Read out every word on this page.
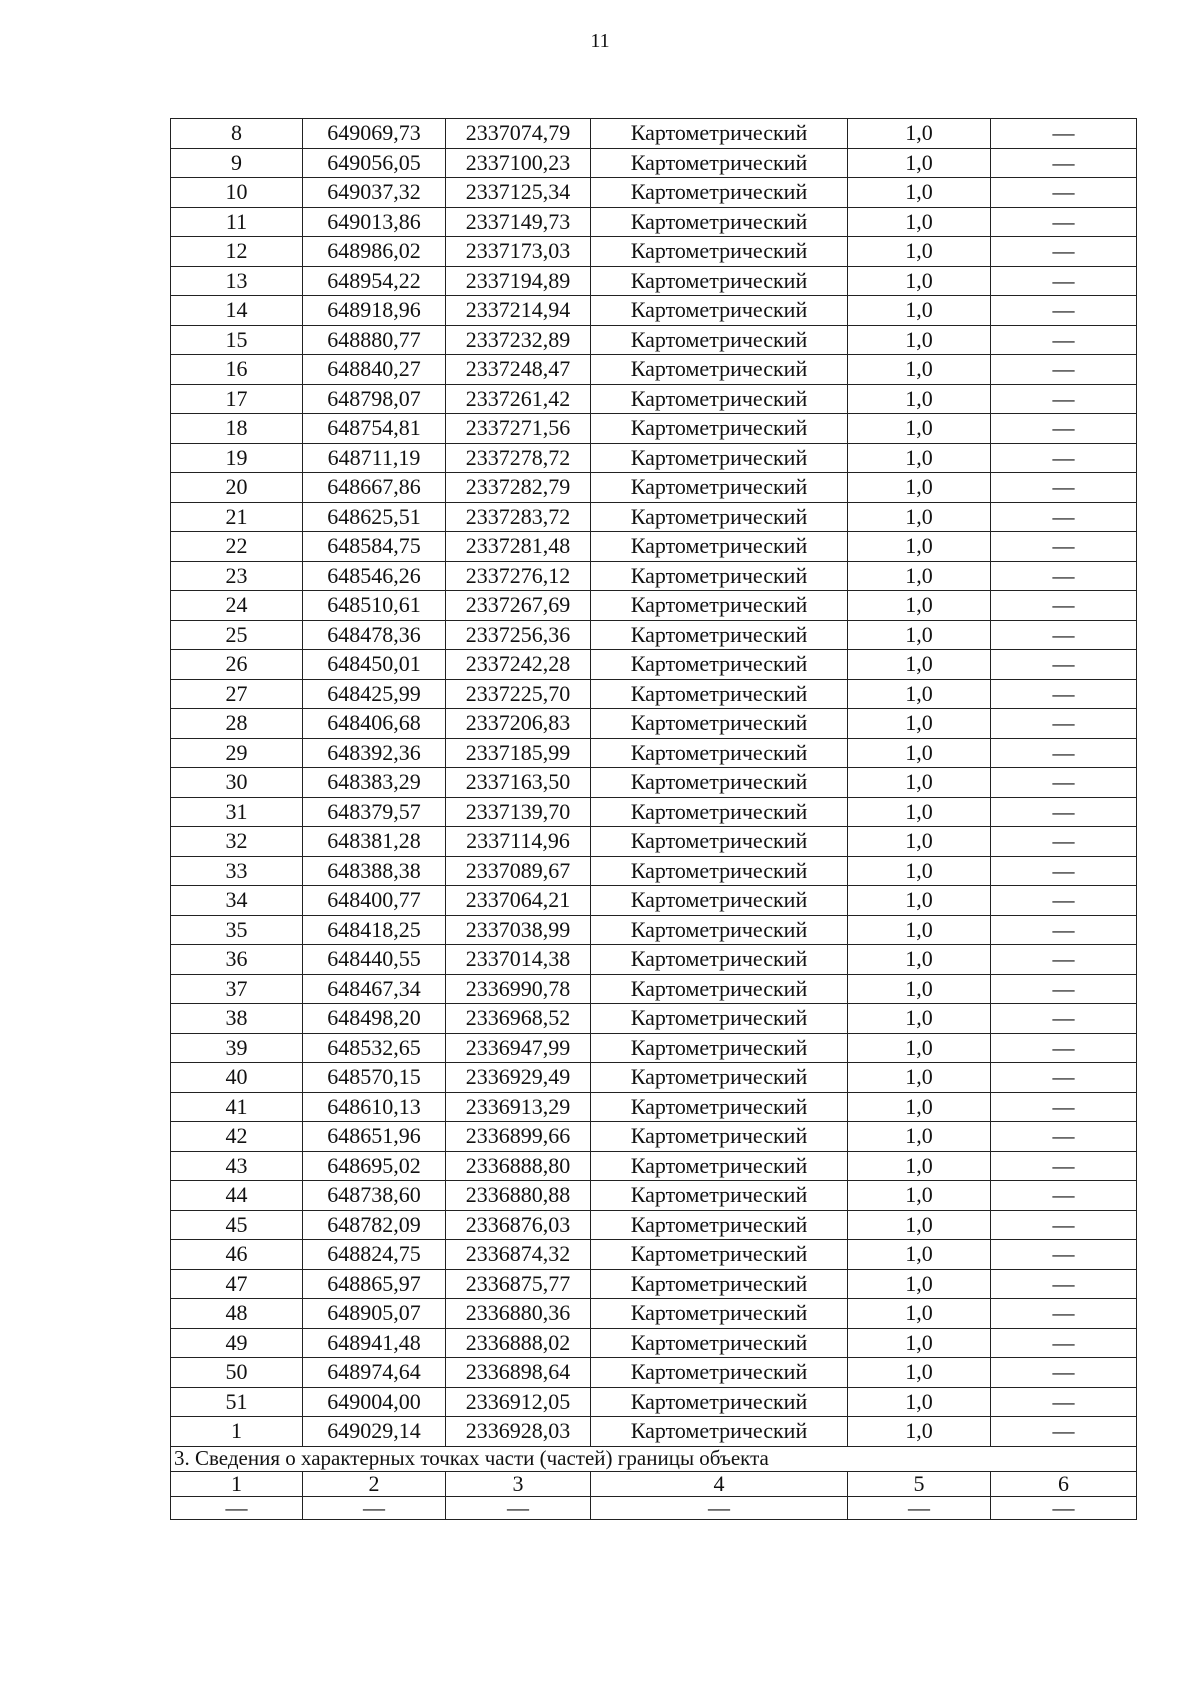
11
8	649069,73	2337074,79	Картометрический	1,0	—
9	649056,05	2337100,23	Картометрический	1,0	—
10	649037,32	2337125,34	Картометрический	1,0	—
11	649013,86	2337149,73	Картометрический	1,0	—
12	648986,02	2337173,03	Картометрический	1,0	—
13	648954,22	2337194,89	Картометрический	1,0	—
14	648918,96	2337214,94	Картометрический	1,0	—
15	648880,77	2337232,89	Картометрический	1,0	—
16	648840,27	2337248,47	Картометрический	1,0	—
17	648798,07	2337261,42	Картометрический	1,0	—
18	648754,81	2337271,56	Картометрический	1,0	—
19	648711,19	2337278,72	Картометрический	1,0	—
20	648667,86	2337282,79	Картометрический	1,0	—
21	648625,51	2337283,72	Картометрический	1,0	—
22	648584,75	2337281,48	Картометрический	1,0	—
23	648546,26	2337276,12	Картометрический	1,0	—
24	648510,61	2337267,69	Картометрический	1,0	—
25	648478,36	2337256,36	Картометрический	1,0	—
26	648450,01	2337242,28	Картометрический	1,0	—
27	648425,99	2337225,70	Картометрический	1,0	—
28	648406,68	2337206,83	Картометрический	1,0	—
29	648392,36	2337185,99	Картометрический	1,0	—
30	648383,29	2337163,50	Картометрический	1,0	—
31	648379,57	2337139,70	Картометрический	1,0	—
32	648381,28	2337114,96	Картометрический	1,0	—
33	648388,38	2337089,67	Картометрический	1,0	—
34	648400,77	2337064,21	Картометрический	1,0	—
35	648418,25	2337038,99	Картометрический	1,0	—
36	648440,55	2337014,38	Картометрический	1,0	—
37	648467,34	2336990,78	Картометрический	1,0	—
38	648498,20	2336968,52	Картометрический	1,0	—
39	648532,65	2336947,99	Картометрический	1,0	—
40	648570,15	2336929,49	Картометрический	1,0	—
41	648610,13	2336913,29	Картометрический	1,0	—
42	648651,96	2336899,66	Картометрический	1,0	—
43	648695,02	2336888,80	Картометрический	1,0	—
44	648738,60	2336880,88	Картометрический	1,0	—
45	648782,09	2336876,03	Картометрический	1,0	—
46	648824,75	2336874,32	Картометрический	1,0	—
47	648865,97	2336875,77	Картометрический	1,0	—
48	648905,07	2336880,36	Картометрический	1,0	—
49	648941,48	2336888,02	Картометрический	1,0	—
50	648974,64	2336898,64	Картометрический	1,0	—
51	649004,00	2336912,05	Картометрический	1,0	—
1	649029,14	2336928,03	Картометрический	1,0	—
3. Сведения о характерных точках части (частей) границы объекта					
1	2	3	4	5	6
—	—	—	—	—	—
